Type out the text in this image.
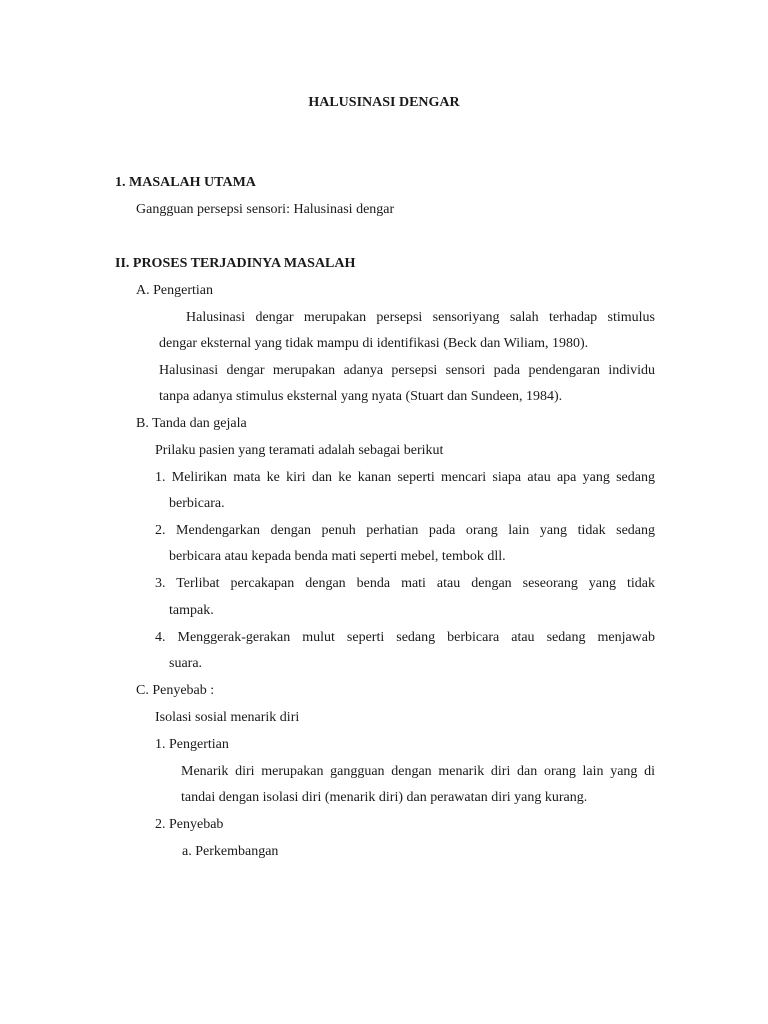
HALUSINASI DENGAR
1. MASALAH UTAMA
Gangguan persepsi sensori: Halusinasi dengar
II. PROSES TERJADINYA MASALAH
A. Pengertian
Halusinasi dengar merupakan persepsi sensoriyang salah terhadap stimulus
dengar eksternal yang tidak mampu di identifikasi (Beck dan Wiliam, 1980).
Halusinasi dengar merupakan adanya persepsi sensori pada pendengaran individu
tanpa adanya stimulus eksternal yang nyata (Stuart dan Sundeen, 1984).
B. Tanda dan gejala
Prilaku pasien yang teramati adalah sebagai berikut
1. Melirikan mata ke kiri dan ke kanan seperti mencari siapa atau apa yang sedang
berbicara.
2. Mendengarkan dengan penuh perhatian pada orang lain yang tidak sedang
berbicara atau kepada benda mati seperti mebel, tembok dll.
3. Terlibat percakapan dengan benda mati atau dengan seseorang yang tidak
tampak.
4. Menggerak-gerakan mulut seperti sedang berbicara atau sedang menjawab
suara.
C. Penyebab :
Isolasi sosial menarik diri
1. Pengertian
Menarik diri merupakan gangguan dengan menarik diri dan orang lain yang di
tandai dengan isolasi diri (menarik diri) dan perawatan diri yang kurang.
2. Penyebab
a. Perkembangan
